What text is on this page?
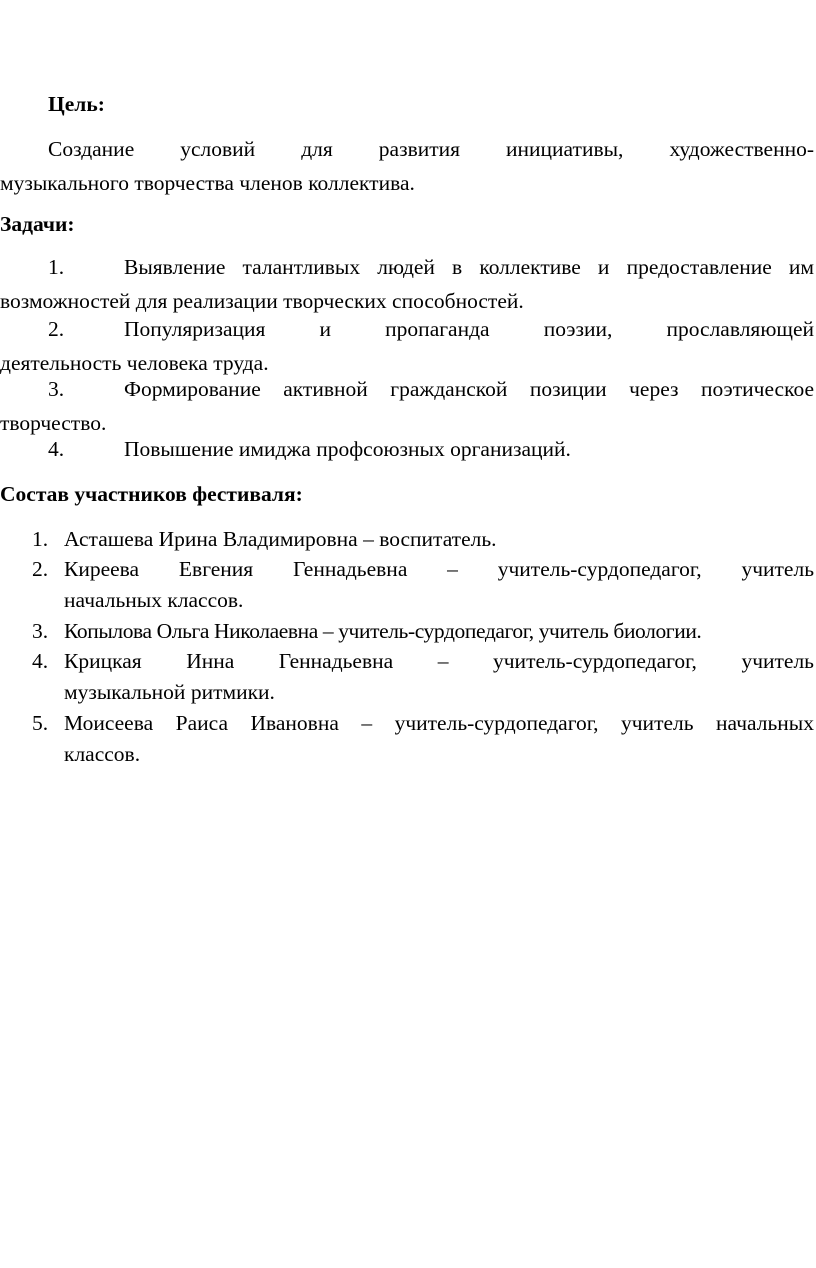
Цель:
Создание условий для развития инициативы, художественно-
музыкального творчества членов коллектива.
Задачи:
1.	Выявление талантливых людей в коллективе и предоставление им
возможностей для реализации творческих способностей.
2.	Популяризация и пропаганда поэзии, прославляющей
деятельность человека труда.
3.	Формирование активной гражданской позиции через поэтическое
творчество.
4.	Повышение имиджа профсоюзных организаций.
Состав участников фестиваля:
1. Асташева Ирина Владимировна – воспитатель.
2. Киреева Евгения Геннадьевна – учитель-сурдопедагог, учитель
начальных классов.
3. Копылова Ольга Николаевна – учитель-сурдопедагог, учитель биологии.
4. Крицкая Инна Геннадьевна – учитель-сурдопедагог, учитель
музыкальной ритмики.
5. Моисеева Раиса Ивановна – учитель-сурдопедагог, учитель начальных
классов.
